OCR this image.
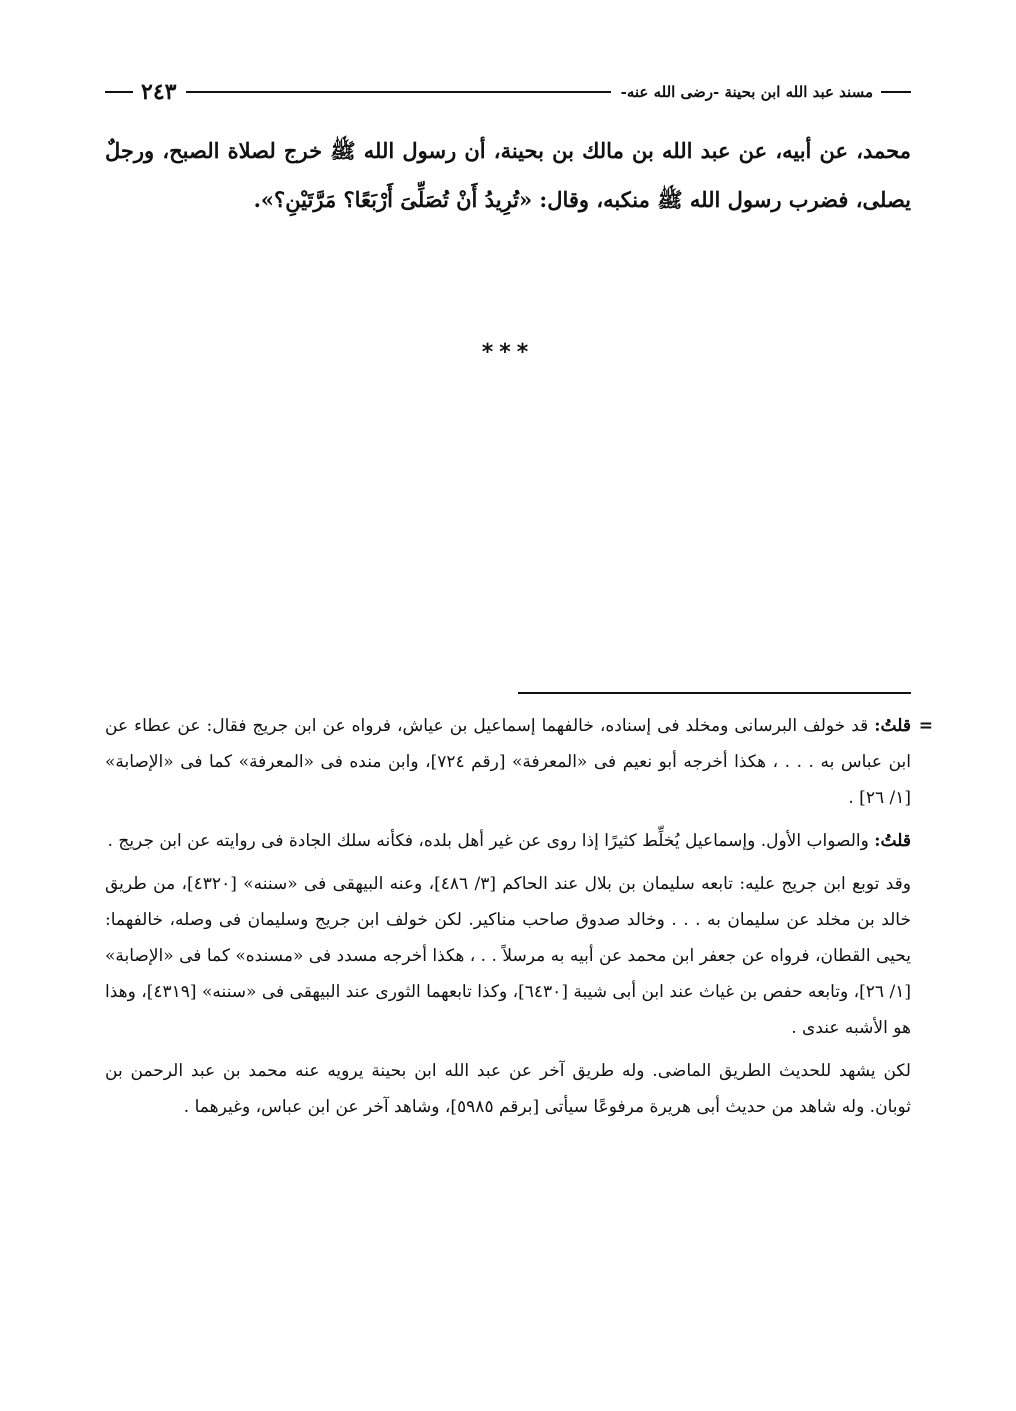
مسند عبد الله ابن بحينة -رضى الله عنه-
٢٤٣

محمد، عن أبيه، عن عبد الله بن مالك بن بحينة، أن رسول الله ﷺ خرج لصلاة الصبح، ورجلٌ يصلى، فضرب رسول الله ﷺ منكبه، وقال: «تُرِيدُ أَنْ تُصَلِّىَ أَرْبَعًا؟ مَرَّتَيْنِ؟».

***

=
قلتُ: قد خولف البرسانى ومخلد فى إسناده، خالفهما إسماعيل بن عياش، فرواه عن ابن جريج فقال: عن عطاء عن ابن عباس به . . . ، هكذا أخرجه أبو نعيم فى «المعرفة» [رقم ٧٢٤]، وابن منده فى «المعرفة» كما فى «الإصابة» [١/ ٢٦] .

قلتُ: والصواب الأول. وإسماعيل يُخلِّط كثيرًا إذا روى عن غير أهل بلده، فكأنه سلك الجادة فى روايته عن ابن جريج .

وقد توبع ابن جريج عليه: تابعه سليمان بن بلال عند الحاكم [٣/ ٤٨٦]، وعنه البيهقى فى «سننه» [٤٣٢٠]، من طريق خالد بن مخلد عن سليمان به . . . وخالد صدوق صاحب مناكير. لكن خولف ابن جريج وسليمان فى وصله، خالفهما: يحيى القطان، فرواه عن جعفر ابن محمد عن أبيه به مرسلاً . . ، هكذا أخرجه مسدد فى «مسنده» كما فى «الإصابة» [١/ ٢٦]، وتابعه حفص بن غياث عند ابن أبى شيبة [٦٤٣٠]، وكذا تابعهما الثورى عند البيهقى فى «سننه» [٤٣١٩]، وهذا هو الأشبه عندى .

لكن يشهد للحديث الطريق الماضى. وله طريق آخر عن عبد الله ابن بحينة يرويه عنه محمد بن عبد الرحمن بن ثوبان. وله شاهد من حديث أبى هريرة مرفوعًا سيأتى [برقم ٥٩٨٥]، وشاهد آخر عن ابن عباس، وغيرهما .
